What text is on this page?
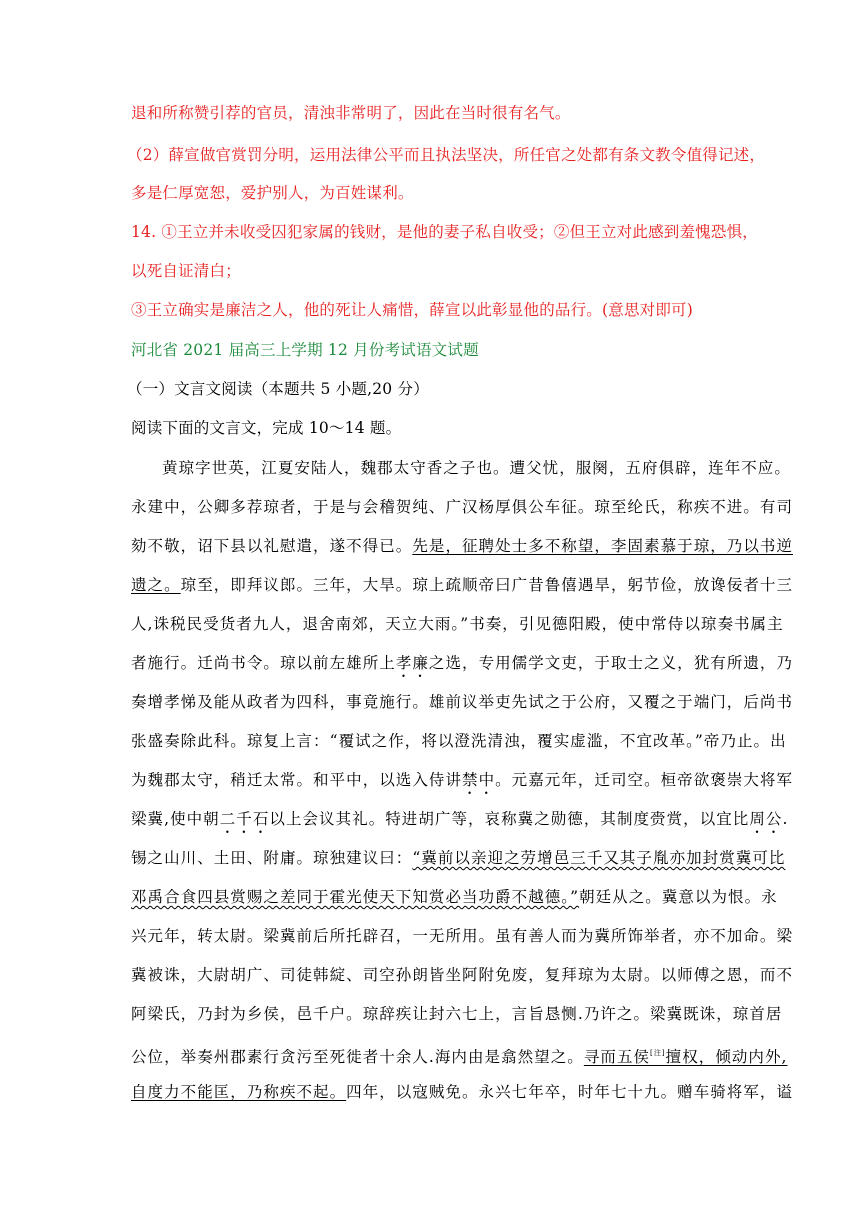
退和所称赞引荐的官员，清浊非常明了，因此在当时很有名气。
（2）薛宣做官赏罚分明，运用法律公平而且执法坚决，所任官之处都有条文教令值得记述，
多是仁厚宽恕，爱护别人，为百姓谋利。
14. ①王立并未收受囚犯家属的钱财，是他的妻子私自收受；②但王立对此感到羞愧恐惧，
以死自证清白；
③王立确实是廉洁之人，他的死让人痛惜，薛宣以此彰显他的品行。(意思对即可)
河北省 2021 届高三上学期 12 月份考试语文试题
（一）文言文阅读（本题共 5 小题,20 分）
阅读下面的文言文，完成 10〜14 题。
黄琼字世英，江夏安陆人，魏郡太守香之子也。遭父忧，服阕，五府俱辟，连年不应。
永建中，公卿多荐琼者，于是与会稽贺纯、广汉杨厚俱公车征。琼至纶氏，称疾不进。有司
劾不敬，诏下县以礼慰遣，遂不得已。先是，征聘处士多不称望，李固素慕于琼，乃以书逆
遗之。琼至，即拜议郎。三年，大旱。琼上疏顺帝曰广昔鲁僖遇旱，躬节俭，放谗佞者十三
人,诛税民受货者九人，退舍南郊，天立大雨。”书奏，引见德阳殿，使中常侍以琼奏书属主
者施行。迁尚书令。琼以前左雄所上孝廉之选，专用儒学文吏，于取士之义，犹有所遗，乃
奏增孝悌及能从政者为四科，事竟施行。雄前议举吏先试之于公府，又覆之于端门，后尚书
张盛奏除此科。琼复上言：“覆试之作，将以澄洗清浊，覆实虚滥，不宜改革。”帝乃止。出
为魏郡太守，稍迁太常。和平中，以选入侍讲禁中。元嘉元年，迁司空。桓帝欲褒崇大将军
梁冀,使中朝二千石以上会议其礼。特进胡广等，哀称冀之勋德，其制度赍赏，以宜比周公.
锡之山川、土田、附庸。琼独建议曰：“冀前以亲迎之劳增邑三千又其子胤亦加封赏冀可比
邓禹合食四县赏赐之差同于霍光使天下知赏必当功爵不越德。”朝廷从之。冀意以为恨。永
兴元年，转太尉。梁冀前后所托辟召，一无所用。虽有善人而为冀所饰举者，亦不加命。梁
冀被诛，大尉胡广、司徒韩綻、司空孙朗皆坐阿附免废，复拜琼为太尉。以师傅之恩，而不
阿梁氏，乃封为乡侯，邑千户。琼辞疾让封六七上，言旨恳恻.乃许之。梁冀既诛，琼首居
公位，举奏州郡素行贪污至死徙者十余人.海内由是翕然望之。寻而五侯[注]擅权，倾动内外,
自度力不能匡，乃称疾不起。四年，以寇贼免。永兴七年卒，时年七十九。赠车骑将军，谥
